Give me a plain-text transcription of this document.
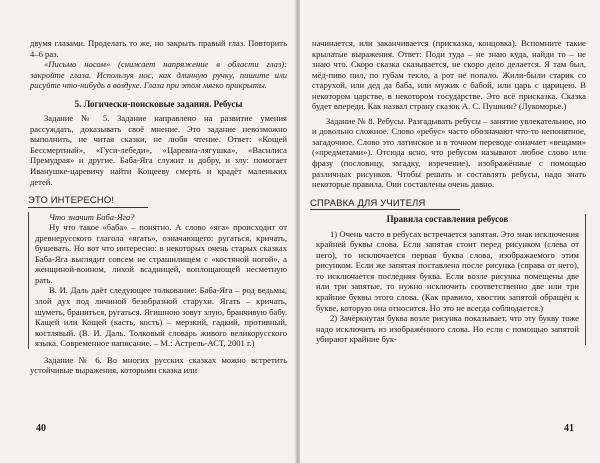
двумя глазами. Проделать то же, но закрыть правый глаз. Повторить 4–6 раз.

«Письмо носом» (снижает напряжение в области глаз): закройте глаза. Используя нос, как длинную ручку, пишите или рисуйте что-нибудь в воздухе. Глаза при этом мягко прикрыты.

5. Логически-поисковые задания. Ребусы

Задание № 5. Задание направлено на развитие умения рассуждать, доказывать своё мнение. Это задание невозможно выполнить, не читая сказки, не любя чтение. Ответ: «Кощей Бессмертный», «Гуси-лебеди», «Царевна-лягушка», «Василиса Премудрая» и другие. Баба-Яга служит и добру, и злу: помогает Иванушке-царевичу найти Кощееву смерть и крадёт маленьких детей.

ЭТО ИНТЕРЕСНО!

Что значит Баба-Яга?

Ну что такое «баба» – понятно. А слово «яга» происходит от древнерусского глагола «ягать», означающего: ругаться, кричать, бушевать. Но вот что интересно: в некоторых очень старых сказках Баба-Яга выглядит совсем не страшилищем с «костяной ногой», а женщиной-воином, лихой всадницей, воплощающей несметную рать.

В. И. Даль даёт следующее толкование: Баба-Яга – род ведьмы, злой дух под личиной безобразной старухи. Ягать – кричать, шуметь, браниться, ругаться. Ягишною зовут злую, бранчивую бабу. Кащей или Кощей (касть, кость) – мерзкий, гадкий, противный, костлявый. (В. И. Даль. Толковый словарь живого великорусского языка. Современное написание. – М.: Астрель-АСТ, 2001 г.)

Задание № 6. Во многих русских сказках можно встретить устойчивые выражения, которыми сказка или

40

начинается, или заканчивается (присказка, концовка). Вспомните такие крылатые выражения. Ответ: Поди туда – не знаю куда, найди то – не знаю что. Скоро сказка сказывается, не скоро дело делается. Я там был, мёд-пиво пил, по губам текло, а рот не попало. Жили-были старик со старухой, или дед да баба, или мужик с бабой, или царь с царицею. В некотором царстве, в некотором государстве. Это всё присказка. Сказка будет впереди. Как назвал страну сказок А. С. Пушкин? (Лукоморье.)

Задание № 8. Ребусы. Разгадывать ребусы – занятие увлекательное, но и довольно сложное. Слово «ребус» часто обозначают что-то непонятное, загадочное. Слово это латинское и в точном переводе означает «вещами» («предметами»). Отсюда ясно, что ребусом называют любое слово или фразу (пословицу, загадку, изречение), изображённые с помощью различных рисунков. Чтобы решать и составлять ребусы, надо знать некоторые правила. Они составлены очень давно.

СПРАВКА ДЛЯ УЧИТЕЛЯ
Правила составления ребусов

1) Очень часто в ребусах встречается запятая. Это знак исключения крайней буквы слова. Если запятая стоит перед рисунком (слева от него), то исключается первая буква слова, изображаемого этим рисунком. Если же запятая поставлена после рисунка (справа от него), то исключается последняя буква. Если возле рисунка помещены две или три запятые, то нужно исключить соответственно две или три крайние буквы этого слова. (Как правило, хвостик запятой обращён к букве, которую она относится. Но это не всегда соблюдается.)

2) Зачёркнутая буква возле рисунка показывает, что эту букву тоже надо исключить из изображённого слова. Но если с помощью запятой убирают крайние бук-

41
